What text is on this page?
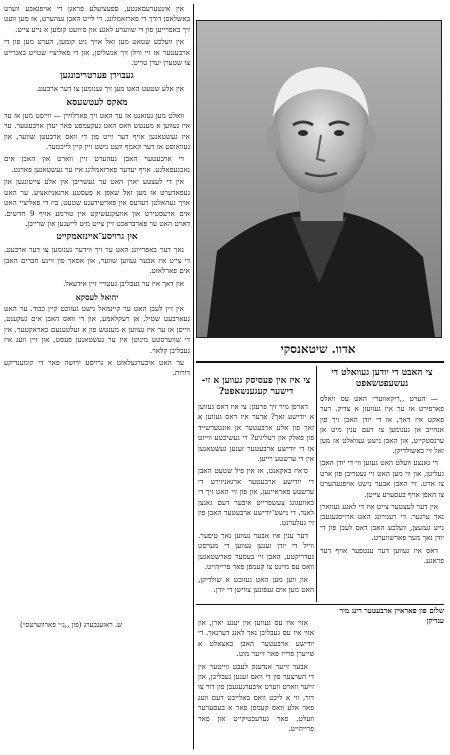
אין אינטערעסאנטע, ספעציעלע פראגן די אויפגאבע ווערט באשלאסן דורך די פארזאמלונג. די לייט האבן געהערט, אז מען וועט זיך באפרייען פון די שווערע לאגע און ס׳וועט קומען א נייע צייט.

אין וועלכע שטאט מען זאל אויך ניט קומען, הערט מען פון די ארבעטער אז זיי ווילן זיך אנשליסן, און די פאליציי שטייט באגרייט צו שטערן יעדן טריט.

געבוירן פערטריבונגען

אין אלע שטעט האט מען זיך גענומען צו דער ארבעט.

מאקס לעטשעסא

וואלט מען געזאגט אז ער האט זיך פארלוירן — ווייסט מען אז ער איז געווען א מענטש וואס האט געקעמפט פאר יעדן ארבעטער. ער איז געשטאנען אויף דער זייט פון די וואס ארבעטן שווער, און געוואוסט אז דער קאמף וועט נישט זיין קיין לייכטער.

די ארבעטער האבן געהערט זיין ווארט און האבן אים נאכגעפאלגט. אויף יעדער פארזאמלונג איז ער געשטאנען פארנט.

אין די לעצטע יארן האט ער געשריבן אין אלע צייטונגען און געפאדערט אז מען זאל שאפן א פעסטע ארגאניזאציע. ער האט אויך געהאלטן רעדעס אין פארשידענע שטעט, ביז די פאליציי האט אים ארעסטירט און אוועקגעשיקט אין טורמע אויף 9 חדשים. דארט האט ער פארבראכט זיין צייט מיט לייענען און שרייבן.

אין גרויסע־איינזאמקייט

נאך דער באפרייונג האט ער זיך ווידער גענומען צו דער ארבעט. די צייט איז אבער געווען שווער, און אסאך פון זיינע חברים האבן אים פארלאזט.

און דאך איז ער געבליבן געטריי זיין אידעאל.

יהואל לעסקא

אין זיין לעבן האט ער קיינמאל נישט געזוכט קיין כבוד. ער האט געארבעט שטיל, אן רעקלאמע, און די וואס האבן אים געקענט, ווייסן אז ער איז געווען א מענטש פון א זעלטענעם כאראקטער. אין די שווערסטע מינוטן איז ער געשטאנען פעסט, און זיין וועג איז געבליבן קלאר.

ער האט איבערגעלאזט א גרויסע ירושה פאר די קומענדיקע דורות.

ש. ראזענבערג (פון ,,נ״י פארווערטס״)
אדוו. שיטאנסקי
צי האבט די יודען געוואלט די נעשעפטשאפט

— הערט ,,ריקאווער״ האט עס וואלס פארפירט אז ער איז געוועזן א צדיק. דער פאקט איז דאך, אז די יודן האבן זיך פון אנהייב אן גענומען צו דעם ענין מיט אן ערנסטקייט, און האבן נישט געוואלט אז מען זאל זיי באשולדיקן.

די גאנצע וועלט האט געזען ווי די יודן האבן געליטן, און ווי מען האט זיי געטריבן פון ארט צו ארט. זיי האבן אבער נישט אויפגעהערט צו האפן אויף בעסערע צייטן.

אין דער לעצטער צייט איז די לאגע געווארן נאך ערגער. די רעגירונג האט ארויסגעגעבן נייע געזעצן, וועלכע האבן דאס לעבן פון די יודן נאך מער פארשווערט.

דאס איז געווען דער ענטפער אויף דער פראגע.

צי איז אין פעסיסק געווען א זי- דישער קעגענשאפט?

דארפן מיר זיך פרעגן: צי איז דאס געווען א יודישע זאך? אדער איז דאס געווען א זאך פון אלע ארבעטער אן אונטערשייד פון פאלק און רעליגיע? די געשיכטע ווייזט אז די יודישע ארבעטער זענען געשטאנען אין די ערשטע רייען.

ס׳איז באקאנט, אז אין פיל שטעט האבן די יודישע ארבעטער ארגאניזירט די ערשטע פאראיינען, און פון זיי האט זיך די באוועגונג צעשפרייט איבער דעם גאנצן לאנד. די נישט־יודישע ארבעטער האבן פון זיי געלערנט.

דער ענין איז אבער געווען נאך טיפער. ווייל די יודן זענען געווען די מערסט געדריקטע, האבן זיי בעסער פארשטאנען וואס עס מיינט צו קעמפן פאר פרייהייט.

און ווען מען האט געזוכט א שולדיקן, האט מען אים געפונען צווישן די יודן.

שלום פון פאראיין ארבעטער רינג מיר ענדיקן

אזוי איז עס געווען אין יענע יארן, און אזוי איז עס געבליבן נאך לאנג דערנאך. די יודישע ארבעטער האבן באצאלט א טייערן פרייז פאר זייער מוט.

אבער זייער אנדענק לעבט ווייטער אין די הערצער פון די וואס זענען געבליבן, און זייער ווארט ווערט איבערגעגעבן פון דור צו דור, ווי א ליכט וואס באלייכט דעם וועג פאר אלע וואס קעמפן פאר א בעסערער וועלט, פאר גערעכטיקייט און פאר פרייהייט.
